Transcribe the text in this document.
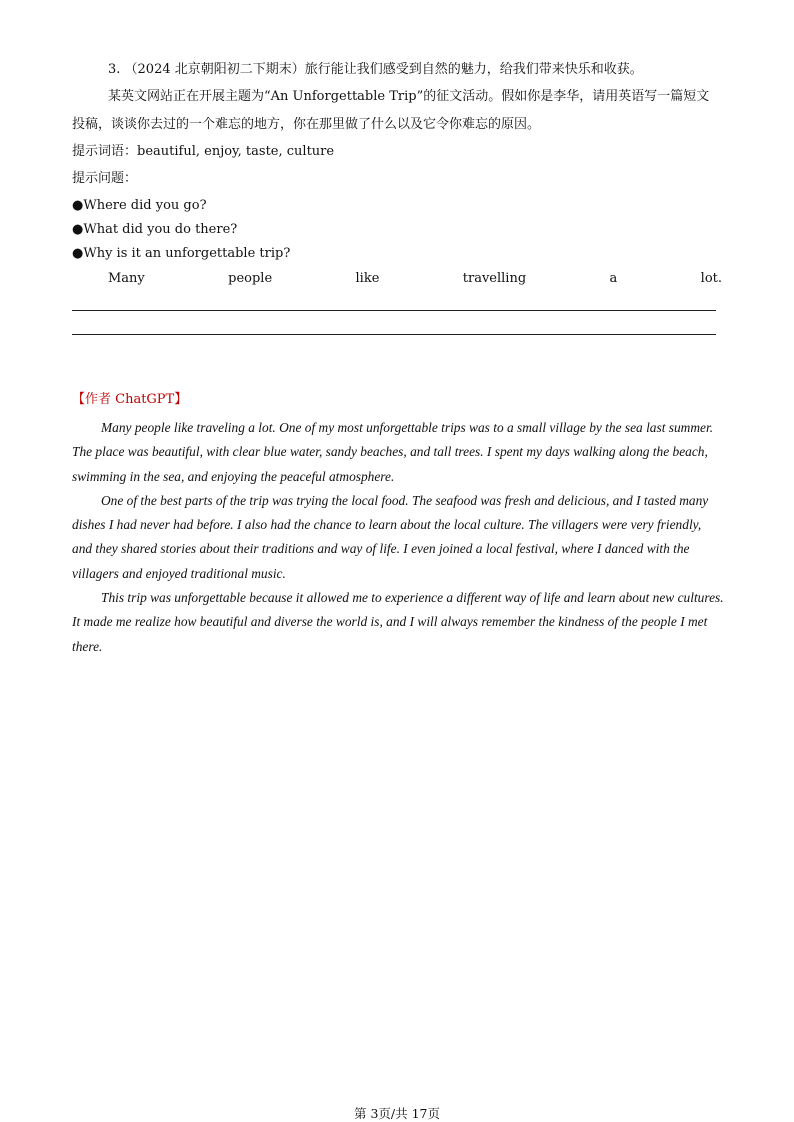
3. （2024 北京朝阳初二下期末）旅行能让我们感受到自然的魅力，给我们带来快乐和收获。
某英文网站正在开展主题为“An Unforgettable Trip”的征文活动。假如你是李华，请用英语写一篇短文
投稿，谈谈你去过的一个难忘的地方，你在那里做了什么以及它令你难忘的原因。
提示词语：beautiful, enjoy, taste, culture
提示问题：
●Where did you go?
●What did you do there?
●Why is it an unforgettable trip?
Many	people	like	travelling	a	lot.
【作者 ChatGPT】

Many people like traveling a lot. One of my most unforgettable trips was to a small village by the sea last summer. The place was beautiful, with clear blue water, sandy beaches, and tall trees. I spent my days walking along the beach, swimming in the sea, and enjoying the peaceful atmosphere.

One of the best parts of the trip was trying the local food. The seafood was fresh and delicious, and I tasted many dishes I had never had before. I also had the chance to learn about the local culture. The villagers were very friendly, and they shared stories about their traditions and way of life. I even joined a local festival, where I danced with the villagers and enjoyed traditional music.

This trip was unforgettable because it allowed me to experience a different way of life and learn about new cultures. It made me realize how beautiful and diverse the world is, and I will always remember the kindness of the people I met there.

第 3页/共 17页
